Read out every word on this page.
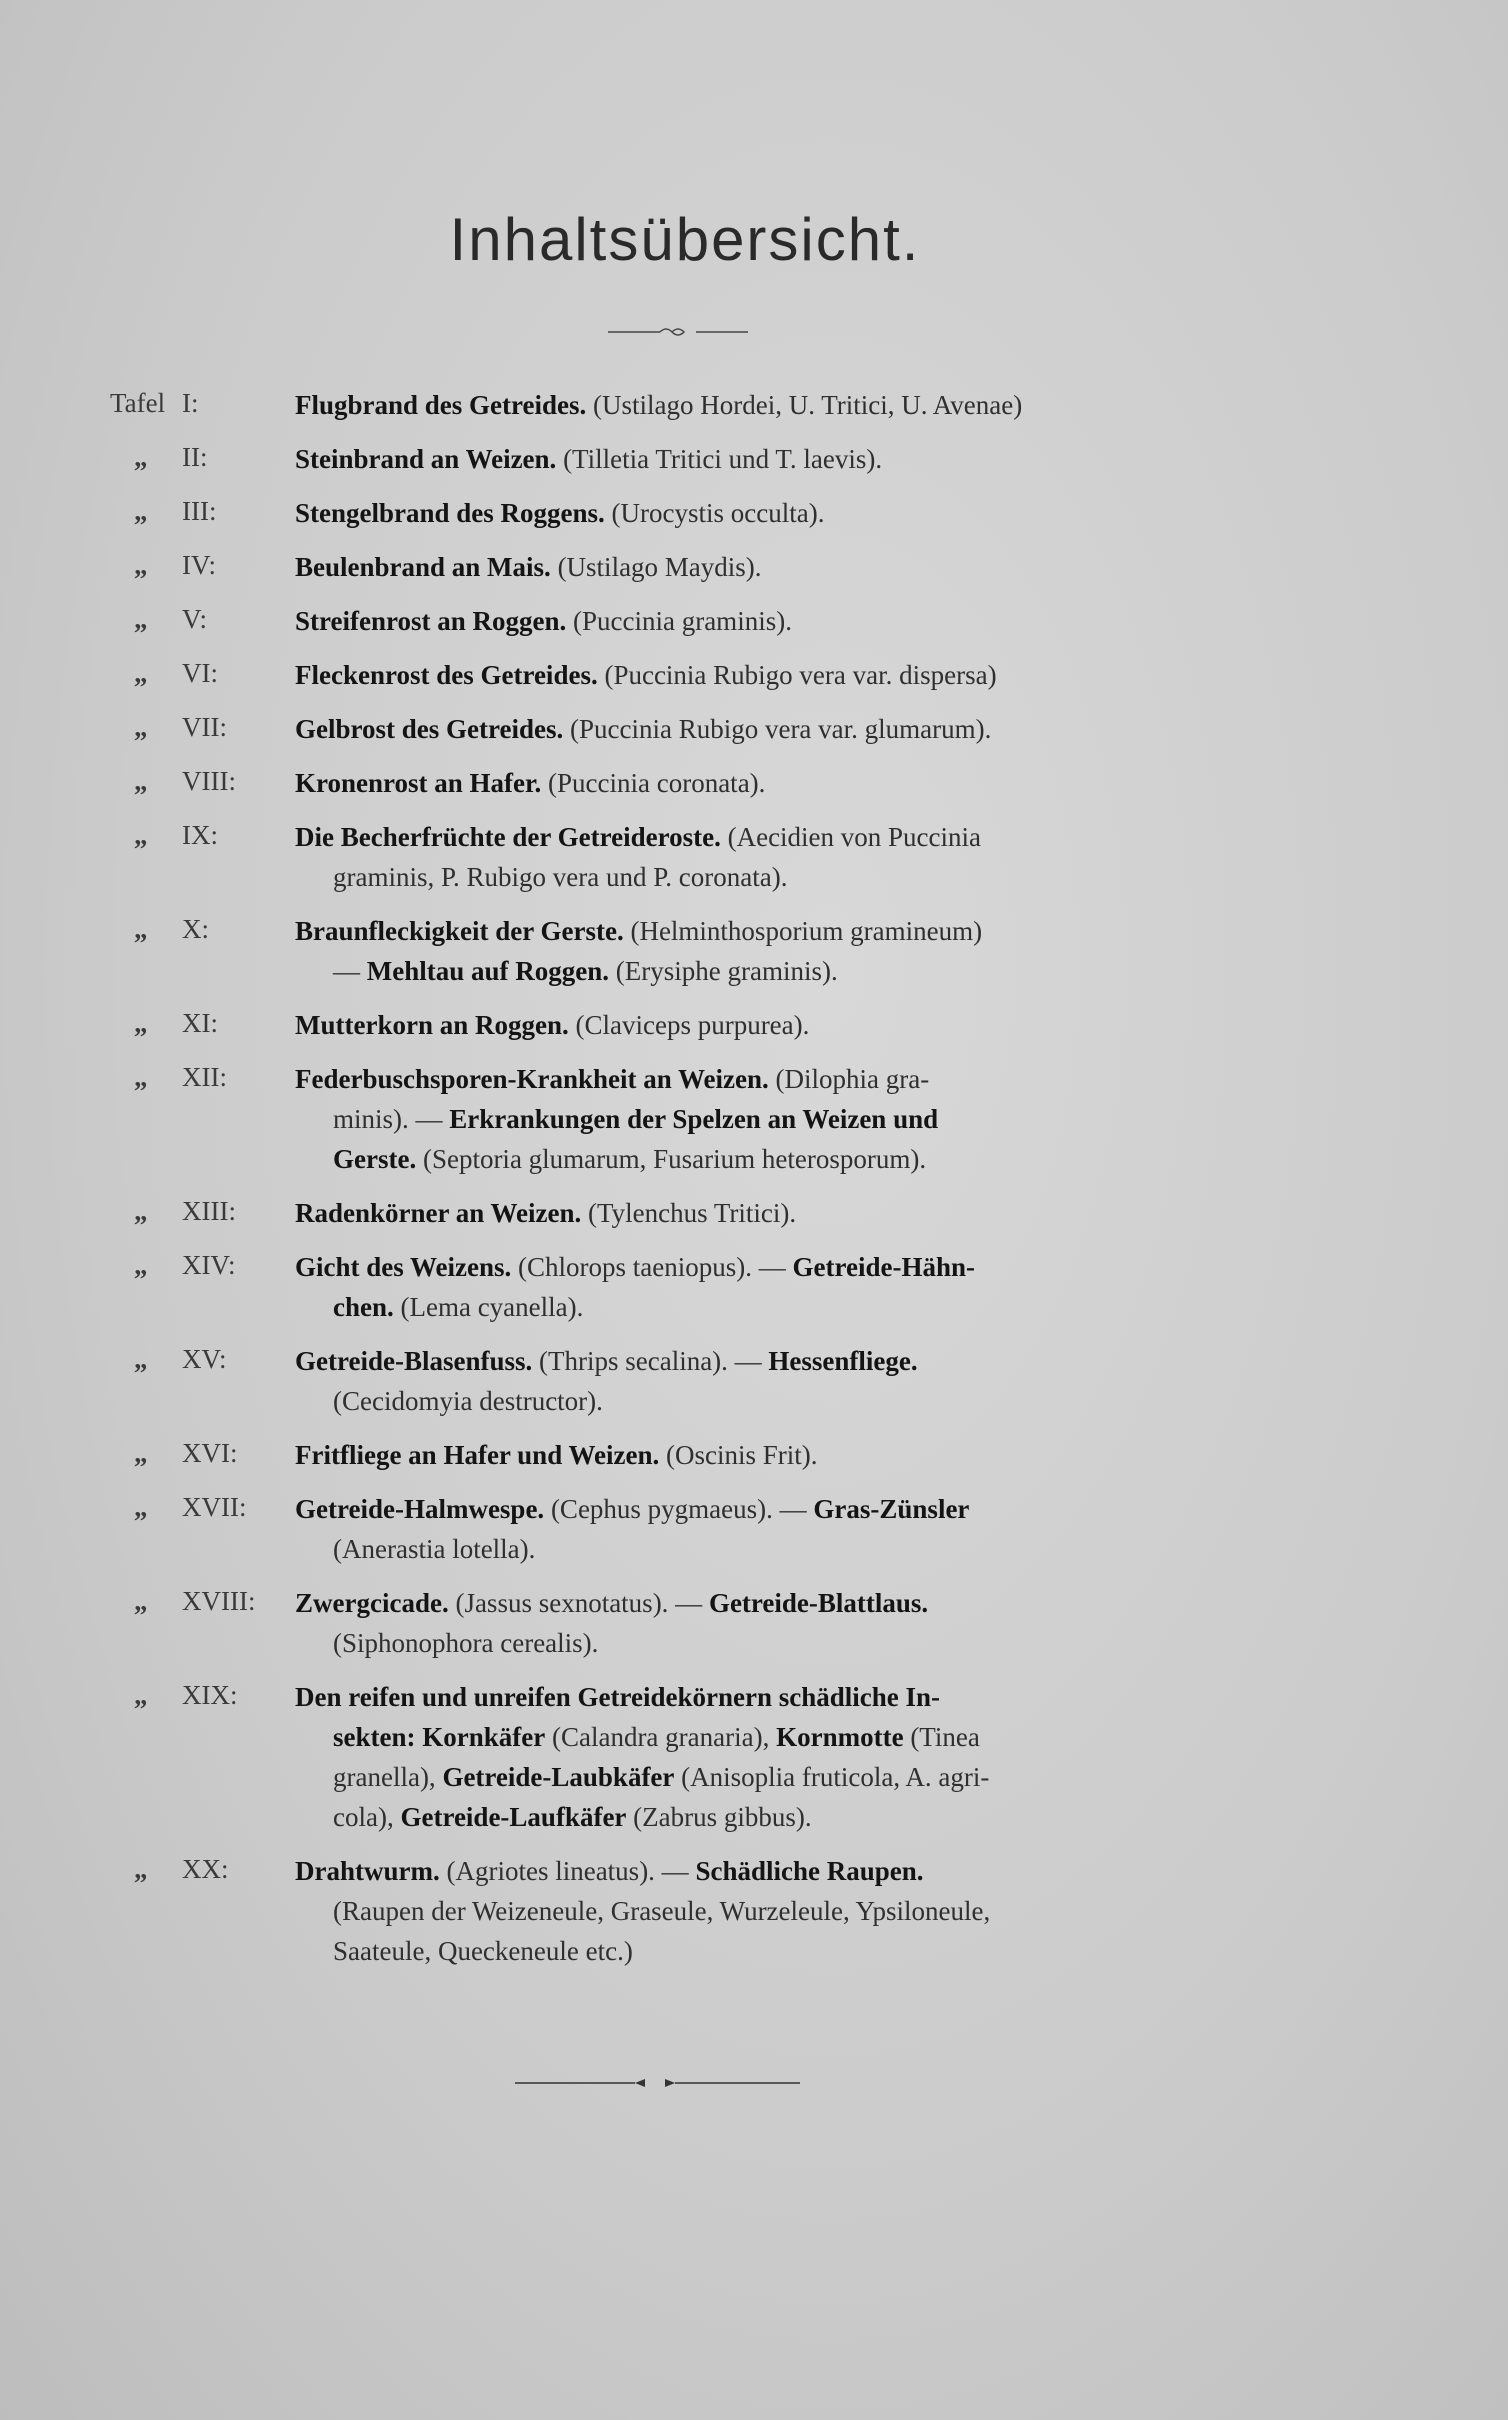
Inhaltsübersicht.
Tafel I:	Flugbrand des Getreides. (Ustilago Hordei, U. Tritici, U. Avenae)
„ II:	Steinbrand an Weizen. (Tilletia Tritici und T. laevis).
„ III:	Stengelbrand des Roggens. (Urocystis occulta).
„ IV:	Beulenbrand an Mais. (Ustilago Maydis).
„ V:	Streifenrost an Roggen. (Puccinia graminis).
„ VI:	Fleckenrost des Getreides. (Puccinia Rubigo vera var. dispersa)
„ VII:	Gelbrost des Getreides. (Puccinia Rubigo vera var. glumarum).
„ VIII:	Kronenrost an Hafer. (Puccinia coronata).
„ IX:	Die Becherfrüchte der Getreideroste. (Aecidien von Puccinia
graminis, P. Rubigo vera und P. coronata).
„ X:	Braunfleckigkeit der Gerste. (Helminthosporium gramineum)
— Mehltau auf Roggen. (Erysiphe graminis).
„ XI:	Mutterkorn an Roggen. (Claviceps purpurea).
„ XII:	Federbuschsporen-Krankheit an Weizen. (Dilophia gra-
minis). — Erkrankungen der Spelzen an Weizen und
Gerste. (Septoria glumarum, Fusarium heterosporum).
„ XIII:	Radenkörner an Weizen. (Tylenchus Tritici).
„ XIV:	Gicht des Weizens. (Chlorops taeniopus). — Getreide-Hähn-
chen. (Lema cyanella).
„ XV:	Getreide-Blasenfuss. (Thrips secalina). — Hessenfliege.
(Cecidomyia destructor).
„ XVI:	Fritfliege an Hafer und Weizen. (Oscinis Frit).
„ XVII:	Getreide-Halmwespe. (Cephus pygmaeus). — Gras-Zünsler
(Anerastia lotella).
„ XVIII:	Zwergcicade. (Jassus sexnotatus). — Getreide-Blattlaus.
(Siphonophora cerealis).
„ XIX:	Den reifen und unreifen Getreidekörnern schädliche In-
sekten: Kornkäfer (Calandra granaria), Kornmotte (Tinea
granella), Getreide-Laubkäfer (Anisoplia fruticola, A. agri-
cola), Getreide-Laufkäfer (Zabrus gibbus).
„ XX:	Drahtwurm. (Agriotes lineatus). — Schädliche Raupen.
(Raupen der Weizeneule, Graseule, Wurzeleule, Ypsiloneule,
Saateule, Queckeneule etc.)
